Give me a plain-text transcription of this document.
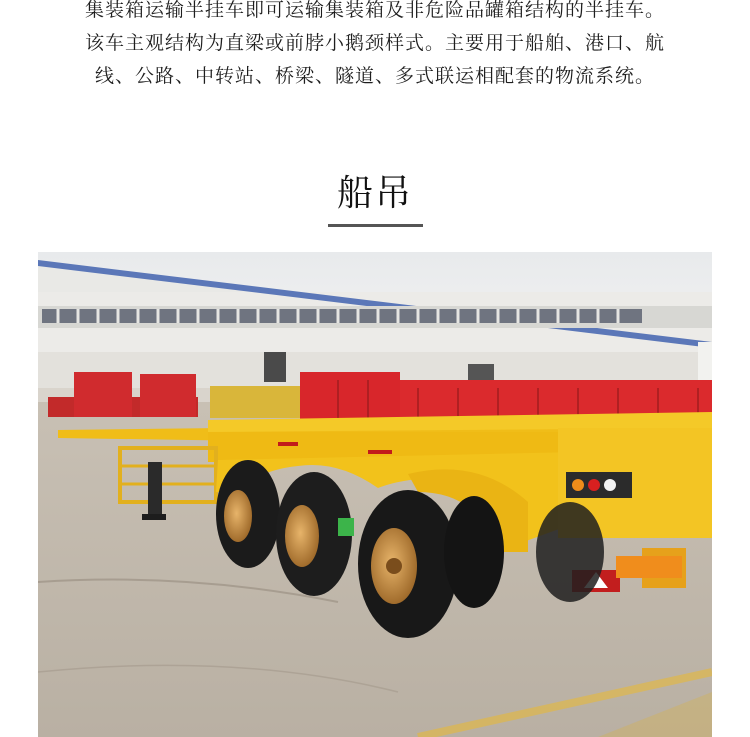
集装箱运输半挂车即可运输集装箱及非危险品罐箱结构的半挂车。

该车主观结构为直梁或前脖小鹅颈样式。主要用于船舶、港口、航

线、公路、中转站、桥梁、隧道、多式联运相配套的物流系统。

船吊
